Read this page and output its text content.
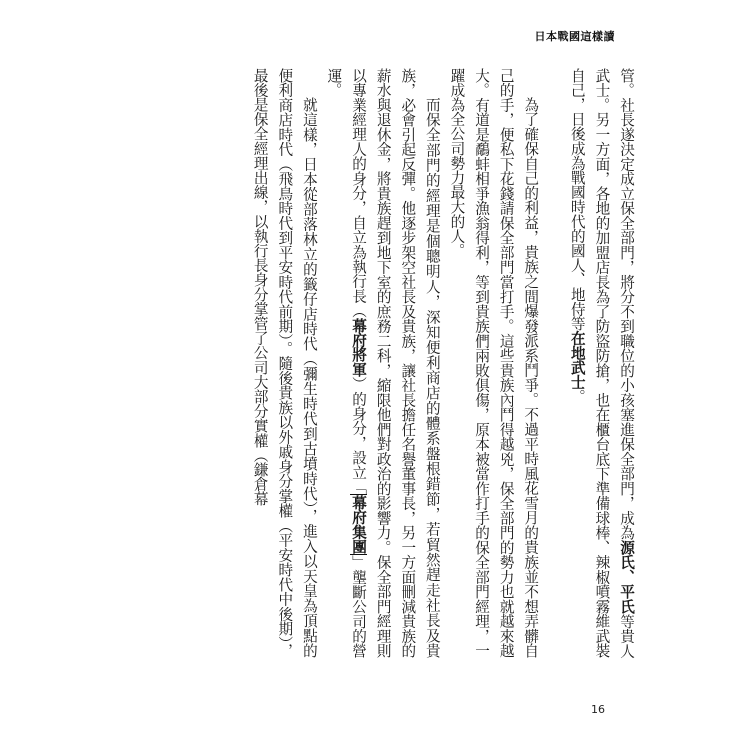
日本戰國這樣讀

管。社長遂決定成立保全部門，將分不到職位的小孩塞進保全部門，成為源氏、平氏等貴人武士。另一方面，各地的加盟店長為了防盜防搶，也在櫃台底下準備球棒、辣椒噴霧維武裝自己，日後成為戰國時代的國人、地侍等在地武士。

為了確保自己的利益，貴族之間爆發派系鬥爭。不過平時風花雪月的貴族並不想弄髒自己的手，便私下花錢請保全部門當打手。這些貴族內鬥得越兇，保全部門的勢力也就越來越大。有道是鷸蚌相爭漁翁得利，等到貴族們兩敗俱傷，原本被當作打手的保全部門經理，一躍成為全公司勢力最大的人。

而保全部門的經理是個聰明人，深知便利商店的體系盤根錯節，若貿然趕走社長及貴族，必會引起反彈。他逐步架空社長及貴族，讓社長擔任名譽董事長，另一方面刪減貴族的薪水與退休金，將貴族趕到地下室的庶務二科，縮限他們對政治的影響力。保全部門經理則以專業經理人的身分，自立為執行長（幕府將軍）的身分，設立「幕府集團」壟斷公司的營運。

就這樣，日本從部落林立的籤仔店時代（彌生時代到古墳時代），進入以天皇為頂點的便利商店時代（飛鳥時代到平安時代前期）。隨後貴族以外戚身分掌權（平安時代中後期），最後是保全經理出線，以執行長身分掌管了公司大部分實權（鎌倉幕

16
